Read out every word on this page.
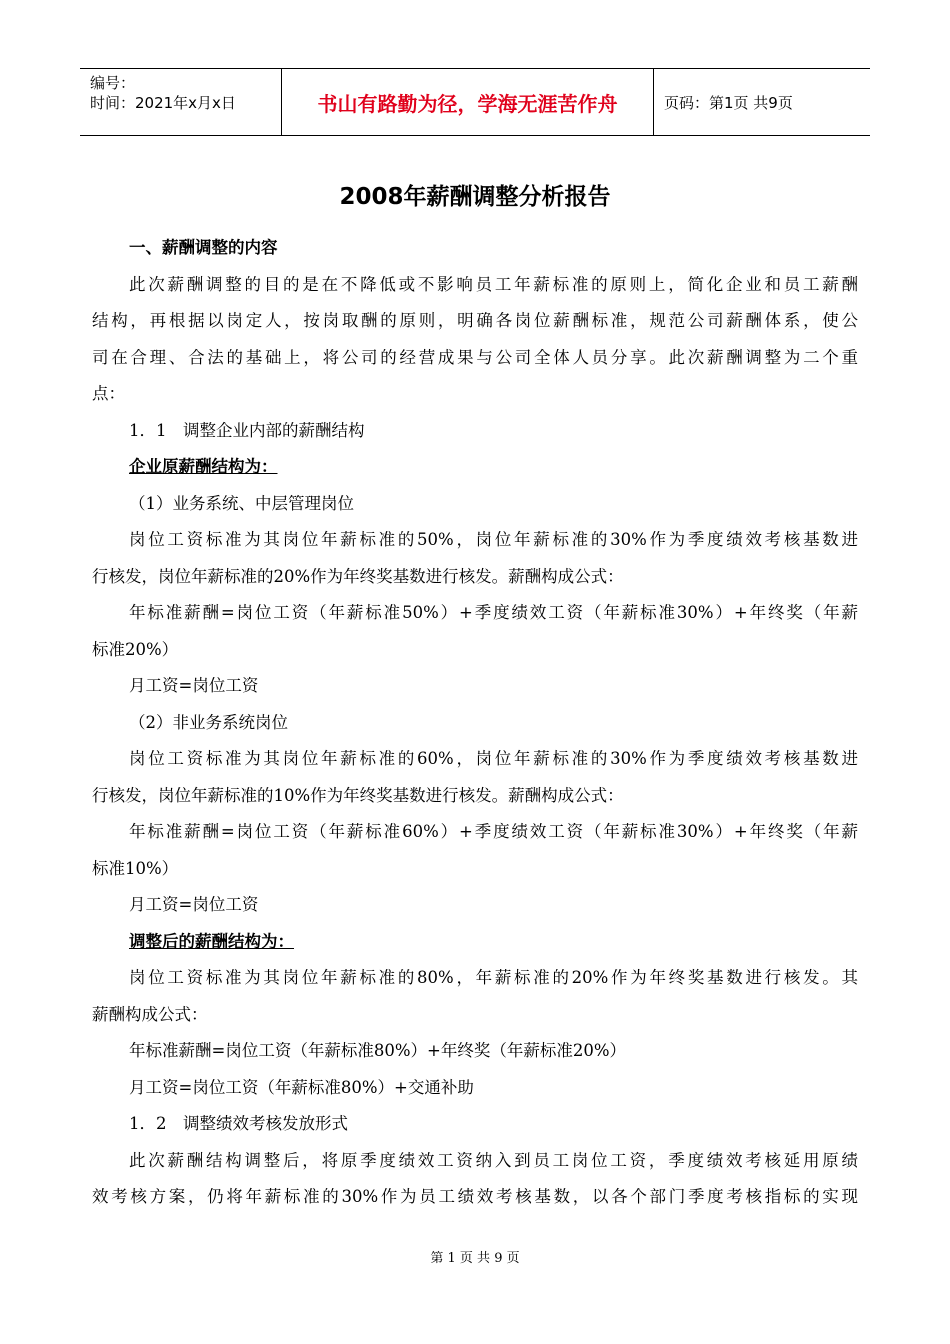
编号：
时间：2021年x月x日	书山有路勤为径，学海无涯苦作舟	页码：第1页 共9页
2008年薪酬调整分析报告
一、薪酬调整的内容
此次薪酬调整的目的是在不降低或不影响员工年薪标准的原则上，简化企业和员工薪酬
结构，再根据以岗定人，按岗取酬的原则，明确各岗位薪酬标准，规范公司薪酬体系，使公
司在合理、合法的基础上，将公司的经营成果与公司全体人员分享。此次薪酬调整为二个重
点：
1．1　调整企业内部的薪酬结构
企业原薪酬结构为：
（1）业务系统、中层管理岗位
岗位工资标准为其岗位年薪标准的50%，岗位年薪标准的30%作为季度绩效考核基数进
行核发，岗位年薪标准的20%作为年终奖基数进行核发。薪酬构成公式：
年标准薪酬=岗位工资（年薪标准50%）+季度绩效工资（年薪标准30%）+年终奖（年薪
标准20%）
月工资=岗位工资
（2）非业务系统岗位
岗位工资标准为其岗位年薪标准的60%，岗位年薪标准的30%作为季度绩效考核基数进
行核发，岗位年薪标准的10%作为年终奖基数进行核发。薪酬构成公式：
年标准薪酬=岗位工资（年薪标准60%）+季度绩效工资（年薪标准30%）+年终奖（年薪
标准10%）
月工资=岗位工资
调整后的薪酬结构为：
岗位工资标准为其岗位年薪标准的80%，年薪标准的20%作为年终奖基数进行核发。其
薪酬构成公式：
年标准薪酬=岗位工资（年薪标准80%）+年终奖（年薪标准20%）
月工资=岗位工资（年薪标准80%）+交通补助
1．2　调整绩效考核发放形式
此次薪酬结构调整后，将原季度绩效工资纳入到员工岗位工资，季度绩效考核延用原绩
效考核方案，仍将年薪标准的30%作为员工绩效考核基数，以各个部门季度考核指标的实现
第 1 页 共 9 页
